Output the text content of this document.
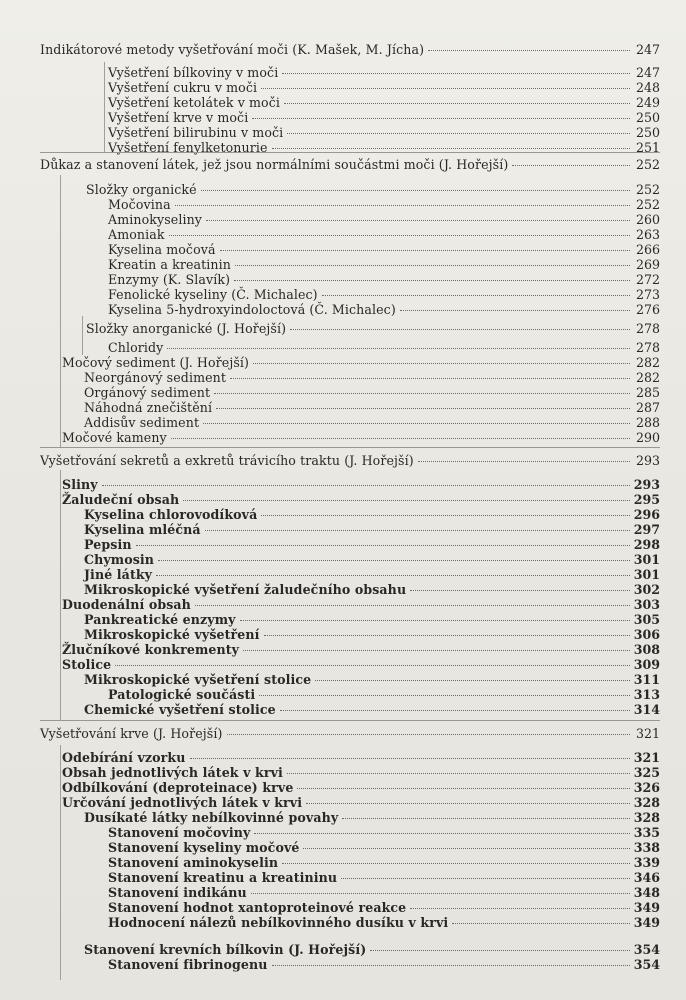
Indikátorové metody vyšetřování moči (K. Mašek, M. Jícha)	247
Vyšetření bílkoviny v moči	247
Vyšetření cukru v moči	248
Vyšetření ketolátek v moči	249
Vyšetření krve v moči	250
Vyšetření bilirubinu v moči	250
Vyšetření fenylketonurie	251
Důkaz a stanovení látek, jež jsou normálními součástmi moči (J. Hořejší)	252
Složky organické	252
Močovina	252
Aminokyseliny	260
Amoniak	263
Kyselina močová	266
Kreatin a kreatinin	269
Enzymy (K. Slavík)	272
Fenolické kyseliny (Č. Michalec)	273
Kyselina 5-hydroxyindoloctová (Č. Michalec)	276
Složky anorganické (J. Hořejší)	278
Chloridy	278
Močový sediment (J. Hořejší)	282
Neorgánový sediment	282
Orgánový sediment	285
Náhodná znečištění	287
Addisův sediment	288
Močové kameny	290
Vyšetřování sekretů a exkretů trávicího traktu (J. Hořejší)	293
Sliny	293
Žaludeční obsah	295
Kyselina chlorovodíková	296
Kyselina mléčná	297
Pepsin	298
Chymosin	301
Jiné látky	301
Mikroskopické vyšetření žaludečního obsahu	302
Duodenální obsah	303
Pankreatické enzymy	305
Mikroskopické vyšetření	306
Žlučníkové konkrementy	308
Stolice	309
Mikroskopické vyšetření stolice	311
Patologické součásti	313
Chemické vyšetření stolice	314
Vyšetřování krve (J. Hořejší)	321
Odebírání vzorku	321
Obsah jednotlivých látek v krvi	325
Odbílkování (deproteinace) krve	326
Určování jednotlivých látek v krvi	328
Dusíkaté látky nebílkovinné povahy	328
Stanovení močoviny	335
Stanovení kyseliny močové	338
Stanovení aminokyselin	339
Stanovení kreatinu a kreatininu	346
Stanovení indikánu	348
Stanovení hodnot xantoproteinové reakce	349
Hodnocení nálezů nebílkovinného dusíku v krvi	349
Stanovení krevních bílkovin (J. Hořejší)	354
Stanovení fibrinogenu	354
